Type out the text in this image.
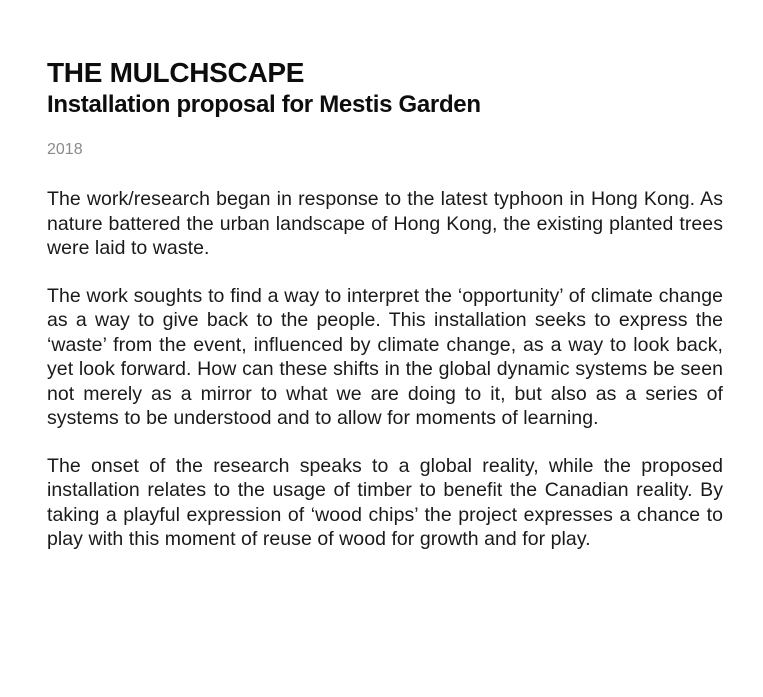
THE MULCHSCAPE
Installation proposal for Mestis Garden
2018

The work/research began in response to the latest typhoon in Hong Kong. As nature battered the urban landscape of Hong Kong, the existing planted trees were laid to waste.

The work soughts to find a way to interpret the ‘opportunity’ of climate change as a way to give back to the people. This installation seeks to express the ‘waste’ from the event, influenced by climate change, as a way to look back, yet look forward. How can these shifts in the global dynamic systems be seen not merely as a mirror to what we are doing to it, but also as a series of systems to be understood and to allow for moments of learning.

The onset of the research speaks to a global reality, while the proposed installation relates to the usage of timber to benefit the Canadian reality. By taking a playful expression of ‘wood chips’ the project expresses a chance to play with this moment of reuse of wood for growth and for play.
